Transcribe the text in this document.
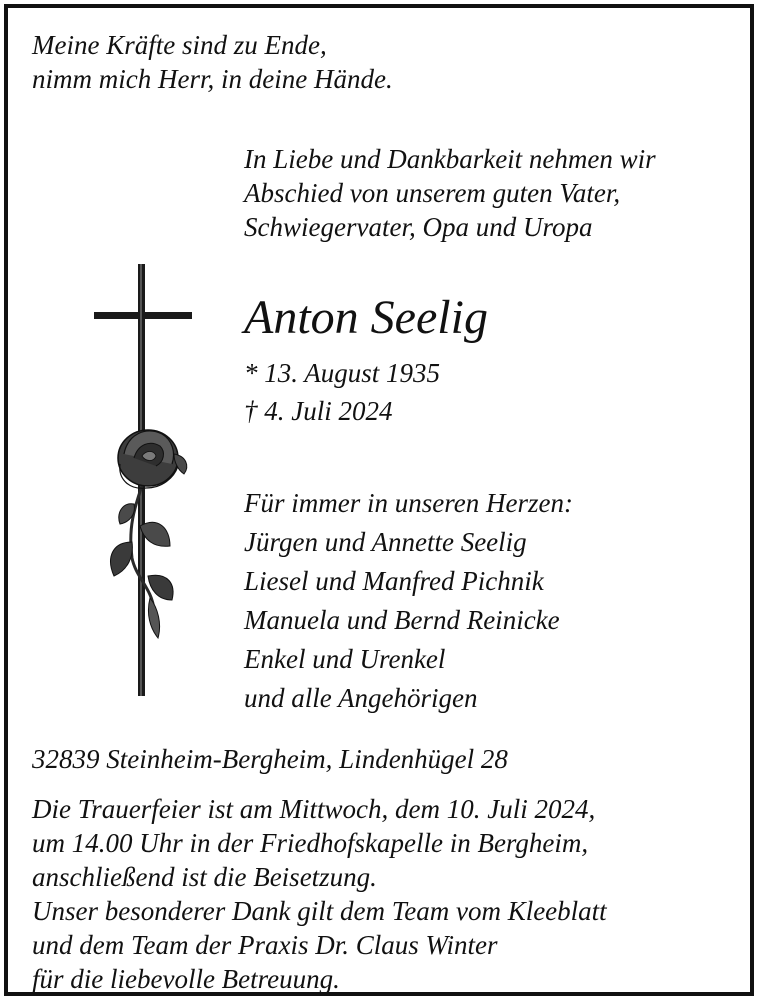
Meine Kräfte sind zu Ende,
nimm mich Herr, in deine Hände.

In Liebe und Dankbarkeit nehmen wir
Abschied von unserem guten Vater,
Schwiegervater, Opa und Uropa

Anton Seelig

* 13. August 1935
† 4. Juli 2024

Für immer in unseren Herzen:
Jürgen und Annette Seelig
Liesel und Manfred Pichnik
Manuela und Bernd Reinicke
Enkel und Urenkel
und alle Angehörigen

32839 Steinheim-Bergheim, Lindenhügel 28

Die Trauerfeier ist am Mittwoch, dem 10. Juli 2024,
um 14.00 Uhr in der Friedhofskapelle in Bergheim,
anschließend ist die Beisetzung.
Unser besonderer Dank gilt dem Team vom Kleeblatt
und dem Team der Praxis Dr. Claus Winter
für die liebevolle Betreuung.
